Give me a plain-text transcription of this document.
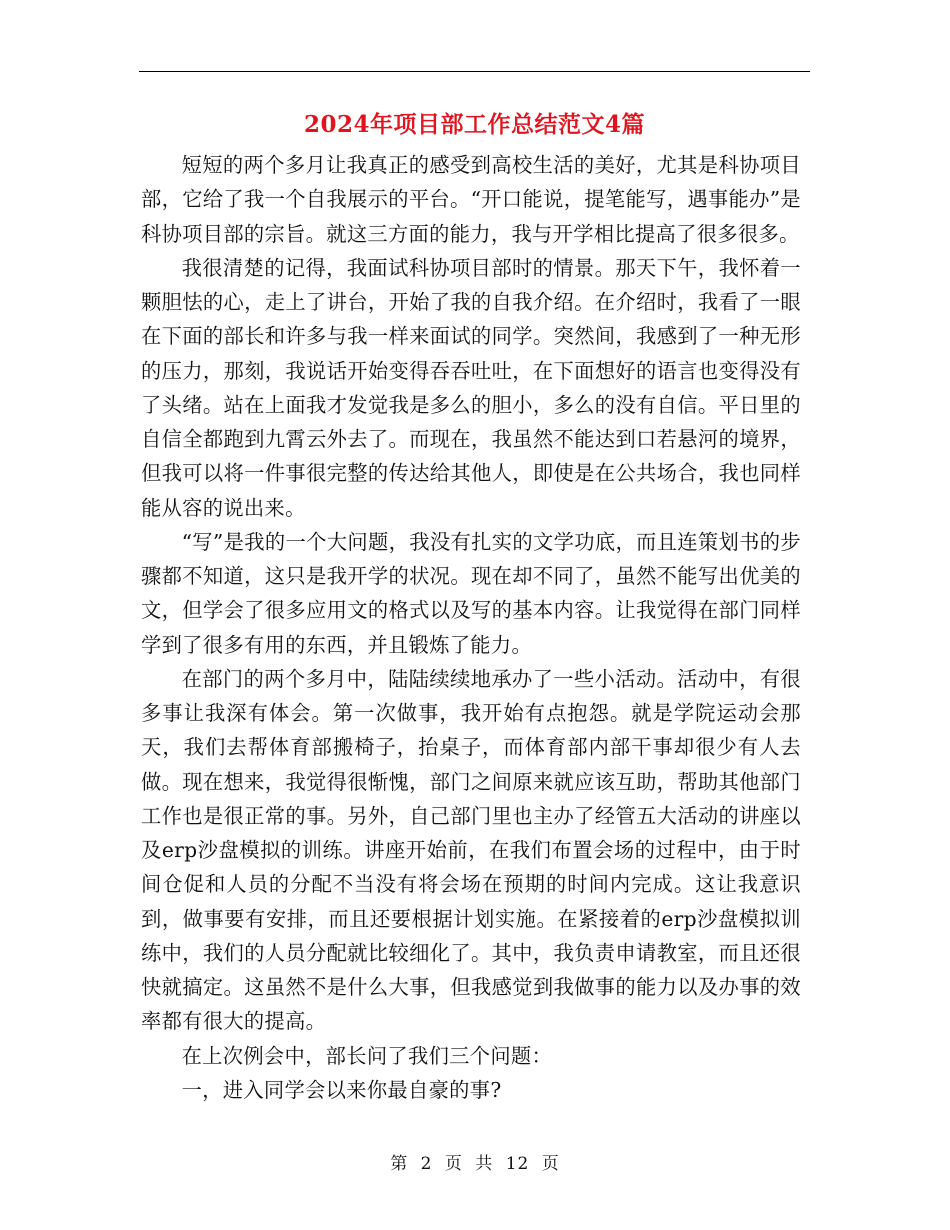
2024年项目部工作总结范文4篇

短短的两个多月让我真正的感受到高校生活的美好，尤其是科协项目部，它给了我一个自我展示的平台。“开口能说，提笔能写，遇事能办”是科协项目部的宗旨。就这三方面的能力，我与开学相比提高了很多很多。

我很清楚的记得，我面试科协项目部时的情景。那天下午，我怀着一颗胆怯的心，走上了讲台，开始了我的自我介绍。在介绍时，我看了一眼在下面的部长和许多与我一样来面试的同学。突然间，我感到了一种无形的压力，那刻，我说话开始变得吞吞吐吐，在下面想好的语言也变得没有了头绪。站在上面我才发觉我是多么的胆小，多么的没有自信。平日里的自信全都跑到九霄云外去了。而现在，我虽然不能达到口若悬河的境界，但我可以将一件事很完整的传达给其他人，即使是在公共场合，我也同样能从容的说出来。

“写”是我的一个大问题，我没有扎实的文学功底，而且连策划书的步骤都不知道，这只是我开学的状况。现在却不同了，虽然不能写出优美的文，但学会了很多应用文的格式以及写的基本内容。让我觉得在部门同样学到了很多有用的东西，并且锻炼了能力。

在部门的两个多月中，陆陆续续地承办了一些小活动。活动中，有很多事让我深有体会。第一次做事，我开始有点抱怨。就是学院运动会那天，我们去帮体育部搬椅子，抬桌子，而体育部内部干事却很少有人去做。现在想来，我觉得很惭愧，部门之间原来就应该互助，帮助其他部门工作也是很正常的事。另外，自己部门里也主办了经管五大活动的讲座以及erp沙盘模拟的训练。讲座开始前，在我们布置会场的过程中，由于时间仓促和人员的分配不当没有将会场在预期的时间内完成。这让我意识到，做事要有安排，而且还要根据计划实施。在紧接着的erp沙盘模拟训练中，我们的人员分配就比较细化了。其中，我负责申请教室，而且还很快就搞定。这虽然不是什么大事，但我感觉到我做事的能力以及办事的效率都有很大的提高。

在上次例会中，部长问了我们三个问题：

一，进入同学会以来你最自豪的事?

第 2 页 共 12 页
